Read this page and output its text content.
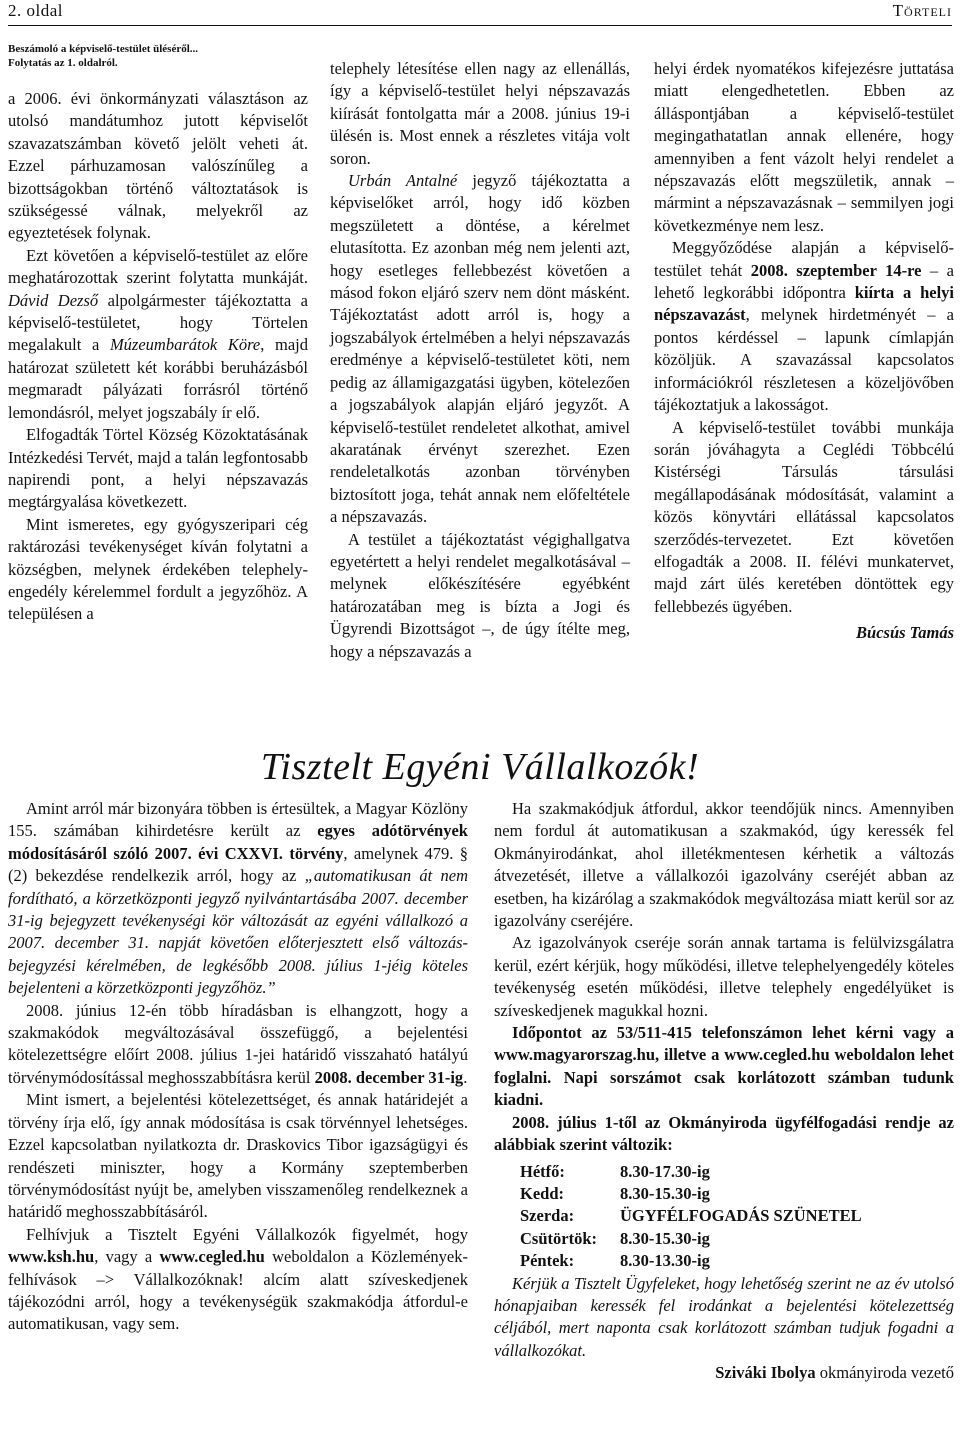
2. oldal	Törteli
Beszámoló a képviselő-testület üléséről...
Folytatás az 1. oldalról.

a 2006. évi önkormányzati választáson az utolsó mandátumhoz jutott képviselőt szavazatszámban követő jelölt veheti át. Ezzel párhuzamosan valószínűleg a bizottságokban történő változtatások is szükségessé válnak, melyekről az egyeztetések folynak.

Ezt követően a képviselő-testület az előre meghatározottak szerint folytatta munkáját. Dávid Dezső alpolgármester tájékoztatta a képviselő-testületet, hogy Törtelen megalakult a Múzeumbarátok Köre, majd határozat született két korábbi beruházásból megmaradt pályázati forrásról történő lemondásról, melyet jogszabály ír elő.

Elfogadták Törtel Község Közoktatásának Intézkedési Tervét, majd a talán legfontosabb napirendi pont, a helyi népszavazás megtárgyalása következett.

Mint ismeretes, egy gyógyszeripari cég raktározási tevékenységet kíván folytatni a községben, melynek érdekében telephely-engedély kérelemmel fordult a jegyzőhöz. A településen a

telephely létesítése ellen nagy az ellenállás, így a képviselő-testület helyi népszavazás kiírását fontolgatta már a 2008. június 19-i ülésén is. Most ennek a részletes vitája volt soron.

Urbán Antalné jegyző tájékoztatta a képviselőket arról, hogy idő közben megszületett a döntése, a kérelmet elutasította. Ez azonban még nem jelenti azt, hogy esetleges fellebbezést követően a másod fokon eljáró szerv nem dönt másként. Tájékoztatást adott arról is, hogy a jogszabályok értelmében a helyi népszavazás eredménye a képviselő-testületet köti, nem pedig az államigazgatási ügyben, kötelezően a jogszabályok alapján eljáró jegyzőt. A képviselő-testület rendeletet alkothat, amivel akaratának érvényt szerezhet. Ezen rendeletalkotás azonban törvényben biztosított joga, tehát annak nem előfeltétele a népszavazás.

A testület a tájékoztatást végighallgatva egyetértett a helyi rendelet megalkotásával – melynek előkészítésére egyébként határozatában meg is bízta a Jogi és Ügyrendi Bizottságot –, de úgy ítélte meg, hogy a népszavazás a

helyi érdek nyomatékos kifejezésre juttatása miatt elengedhetetlen. Ebben az álláspontjában a képviselő-testület megingathatatlan annak ellenére, hogy amennyiben a fent vázolt helyi rendelet a népszavazás előtt megszületik, annak – mármint a népszavazásnak – semmilyen jogi következménye nem lesz.

Meggyőződése alapján a képviselő-testület tehát 2008. szeptember 14-re – a lehető legkorábbi időpontra kiírta a helyi népszavazást, melynek hirdetményét – a pontos kérdéssel – lapunk címlapján közöljük. A szavazással kapcsolatos információkról részletesen a közeljövőben tájékoztatjuk a lakosságot.

A képviselő-testület további munkája során jóváhagyta a Ceglédi Többcélú Kistérségi Társulás társulási megállapodásának módosítását, valamint a közös könyvtári ellátással kapcsolatos szerződés-tervezetet. Ezt követően elfogadták a 2008. II. félévi munkatervet, majd zárt ülés keretében döntöttek egy fellebbezés ügyében.

Búcsús Tamás
Tisztelt Egyéni Vállalkozók!

Amint arról már bizonyára többen is értesültek, a Magyar Közlöny 155. számában kihirdetésre került az egyes adótörvények módosításáról szóló 2007. évi CXXVI. törvény, amelynek 479. § (2) bekezdése rendelkezik arról, hogy az „automatikusan át nem fordítható, a körzetközponti jegyző nyilvántartásába 2007. december 31-ig bejegyzett tevékenységi kör változását az egyéni vállalkozó a 2007. december 31. napját követően előterjesztett első változás-bejegyzési kérelmében, de legkésőbb 2008. július 1-jéig köteles bejelenteni a körzetközponti jegyzőhöz.”

2008. június 12-én több híradásban is elhangzott, hogy a szakmakódok megváltozásával összefüggő, a bejelentési kötelezettségre előírt 2008. július 1-jei határidő visszaható hatályú törvénymódosítással meghosszabbításra kerül 2008. december 31-ig.

Mint ismert, a bejelentési kötelezettséget, és annak határidejét a törvény írja elő, így annak módosítása is csak törvénnyel lehetséges. Ezzel kapcsolatban nyilatkozta dr. Draskovics Tibor igazságügyi és rendészeti miniszter, hogy a Kormány szeptemberben törvénymódosítást nyújt be, amelyben visszamenőleg rendelkeznek a határidő meghosszabbításáról.

Felhívjuk a Tisztelt Egyéni Vállalkozók figyelmét, hogy www.ksh.hu, vagy a www.cegled.hu weboldalon a Közlemények-felhívások –> Vállalkozóknak! alcím alatt szíveskedjenek tájékozódni arról, hogy a tevékenységük szakmakódja átfordul-e automatikusan, vagy sem.

Ha szakmakódjuk átfordul, akkor teendőjük nincs. Amennyiben nem fordul át automatikusan a szakmakód, úgy keressék fel Okmányirodánkat, ahol illetékmentesen kérhetik a változás átvezetését, illetve a vállalkozói igazolvány cseréjét abban az esetben, ha kizárólag a szakmakódok megváltozása miatt kerül sor az igazolvány cseréjére.

Az igazolványok cseréje során annak tartama is felülvizsgálatra kerül, ezért kérjük, hogy működési, illetve telephelyengedély köteles tevékenység esetén működési, illetve telephely engedélyüket is szíveskedjenek magukkal hozni.

Időpontot az 53/511-415 telefonszámon lehet kérni vagy a www.magyarorszag.hu, illetve a www.cegled.hu weboldalon lehet foglalni. Napi sorszámot csak korlátozott számban tudunk kiadni.

2008. július 1-től az Okmányiroda ügyfélfogadási rendje az alábbiak szerint változik:

Hétfő:	8.30-17.30-ig
Kedd:	8.30-15.30-ig
Szerda:	ÜGYFÉLFOGADÁS SZÜNETEL
Csütörtök:	8.30-15.30-ig
Péntek:	8.30-13.30-ig

Kérjük a Tisztelt Ügyfeleket, hogy lehetőség szerint ne az év utolsó hónapjaiban keressék fel irodánkat a bejelentési kötelezettség céljából, mert naponta csak korlátozott számban tudjuk fogadni a vállalkozókat.

Sziváki Ibolya okmányiroda vezető
